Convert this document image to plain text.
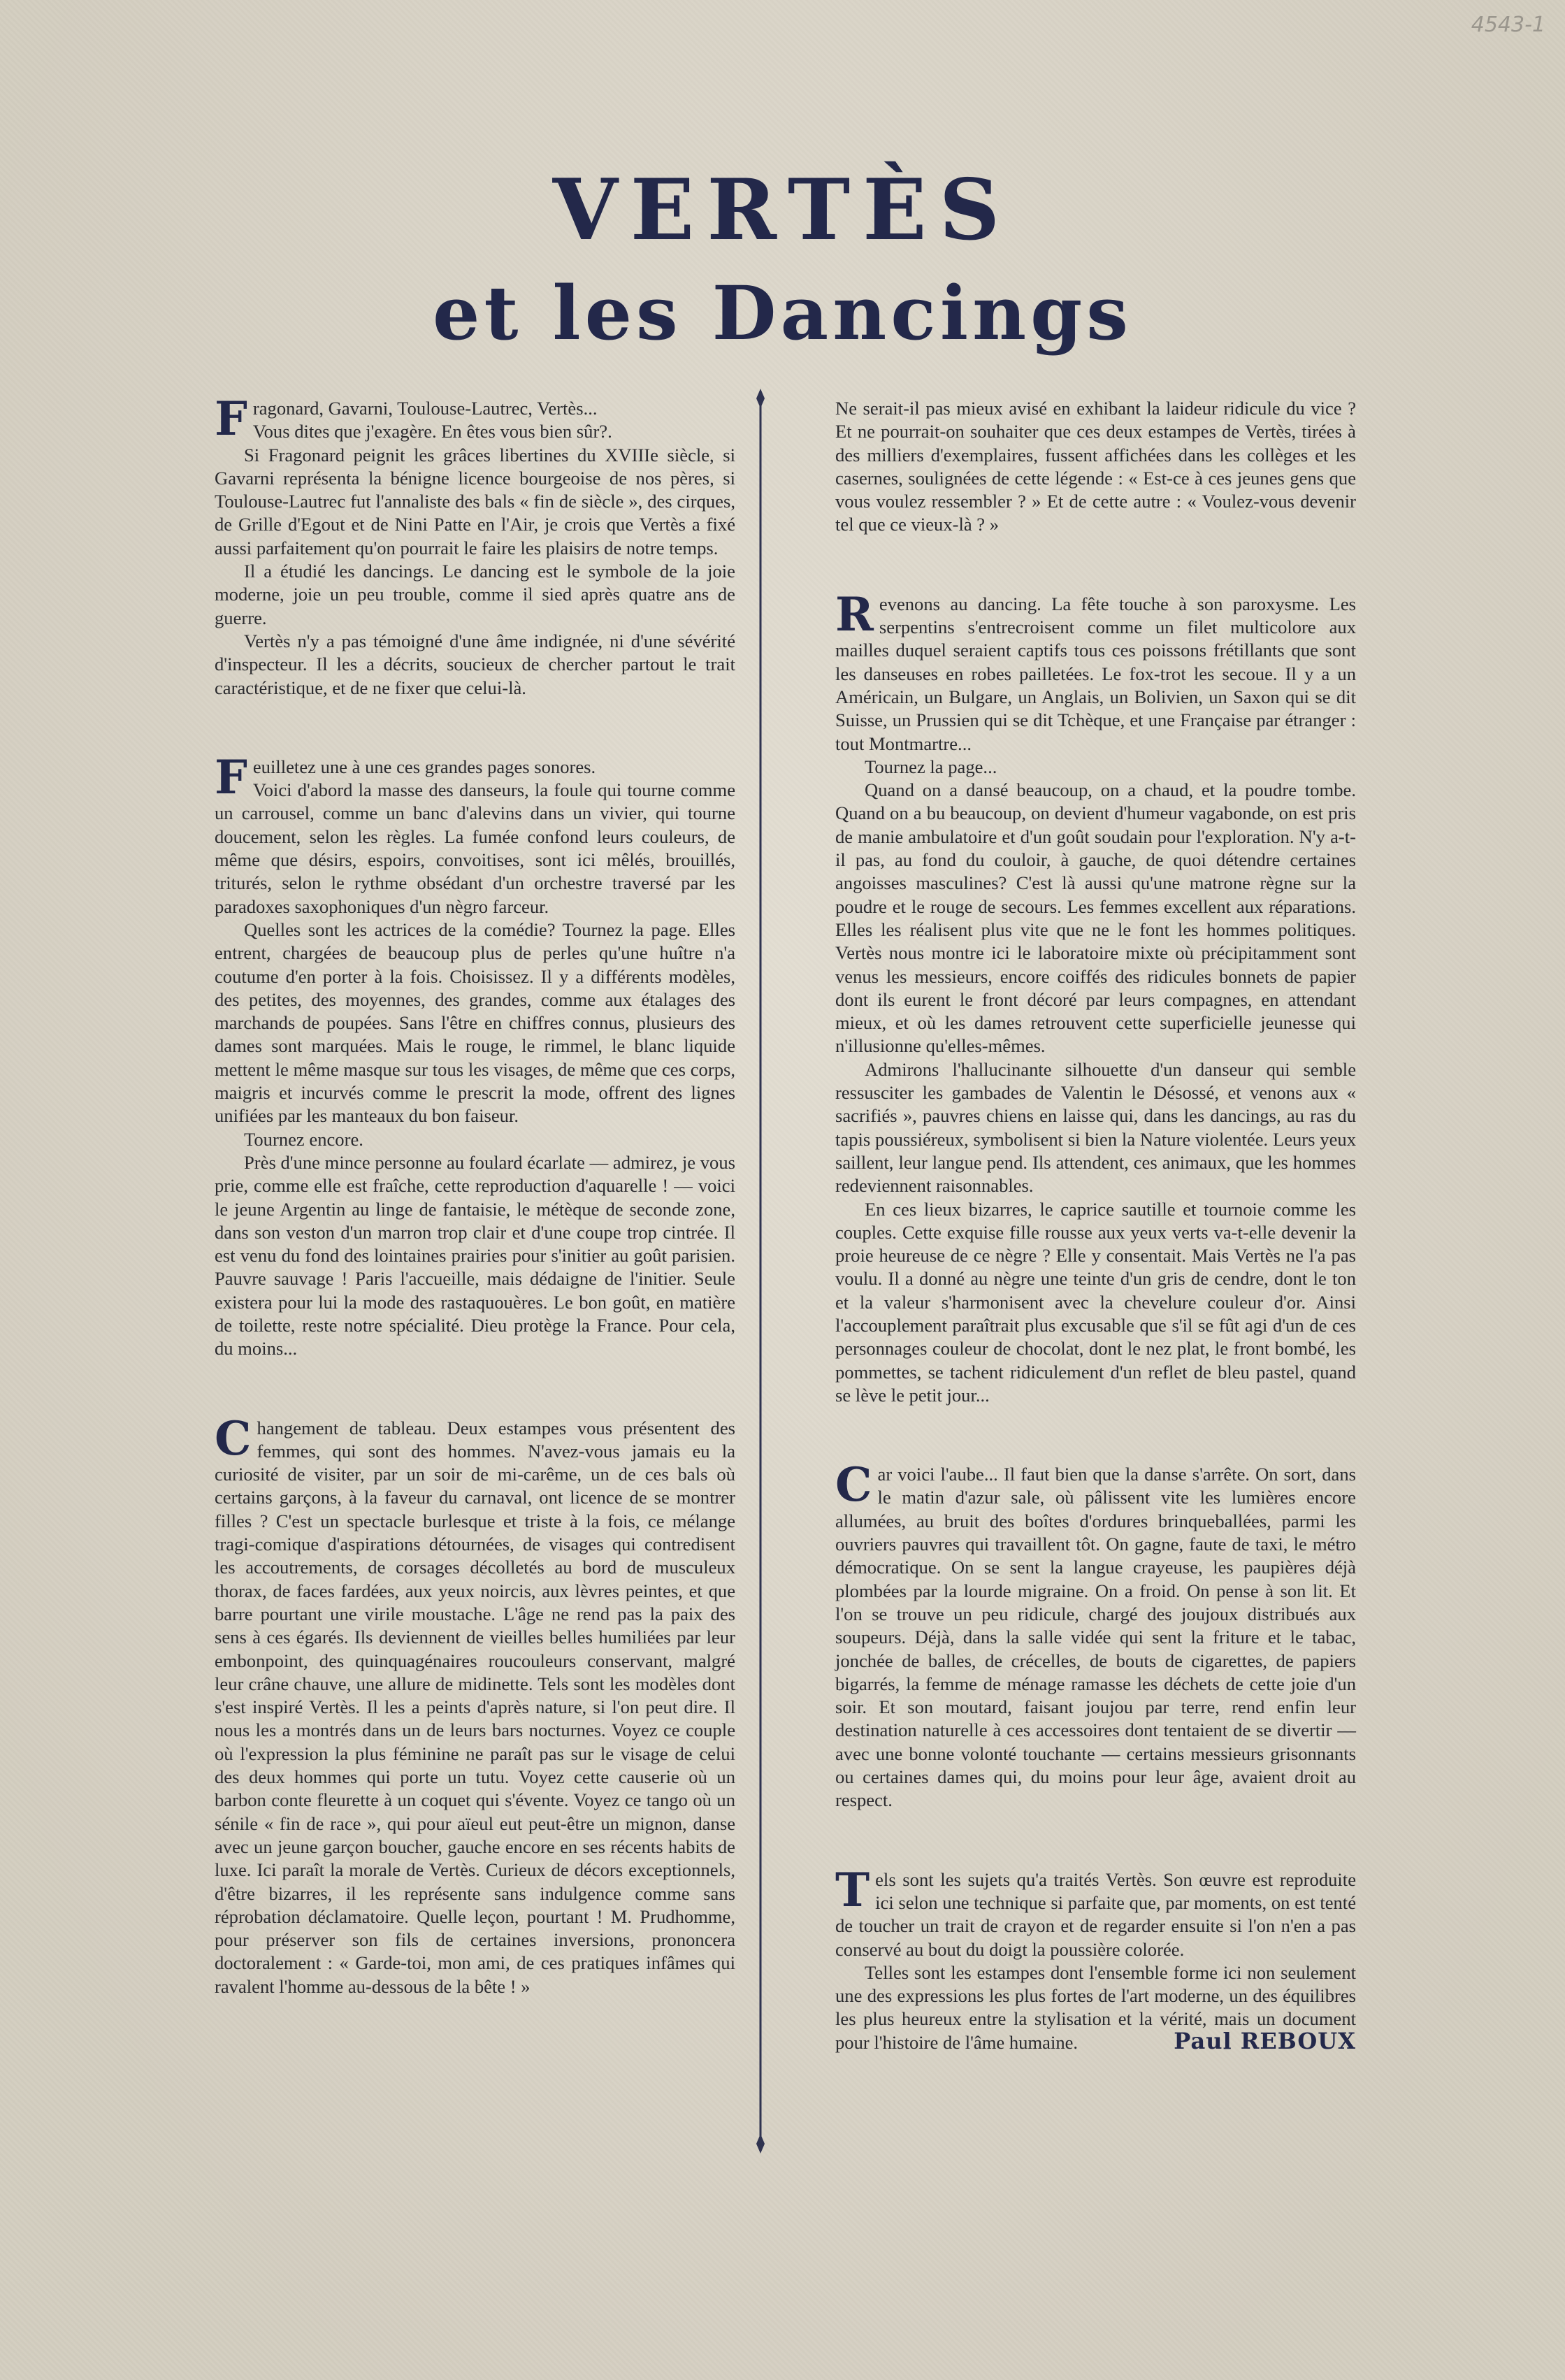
4543-1
VERTÈS
et les Dancings

Fragonard, Gavarni, Toulouse-Lautrec, Vertès...
Vous dites que j'exagère. En êtes vous bien sûr?.

Si Fragonard peignit les grâces libertines du XVIIIe siècle, si Gavarni représenta la bénigne licence bourgeoise de nos pères, si Toulouse-Lautrec fut l'annaliste des bals « fin de siècle », des cirques, de Grille d'Egout et de Nini Patte en l'Air, je crois que Vertès a fixé aussi parfaitement qu'on pourrait le faire les plaisirs de notre temps.

Il a étudié les dancings. Le dancing est le symbole de la joie moderne, joie un peu trouble, comme il sied après quatre ans de guerre.

Vertès n'y a pas témoigné d'une âme indignée, ni d'une sévérité d'inspecteur. Il les a décrits, soucieux de chercher partout le trait caractéristique, et de ne fixer que celui-là.

Feuilletez une à une ces grandes pages sonores.
Voici d'abord la masse des danseurs, la foule qui tourne comme un carrousel, comme un banc d'alevins dans un vivier, qui tourne doucement, selon les règles. La fumée confond leurs couleurs, de même que désirs, espoirs, convoitises, sont ici mêlés, brouillés, triturés, selon le rythme obsédant d'un orchestre traversé par les paradoxes saxophoniques d'un nègro farceur.

Quelles sont les actrices de la comédie? Tournez la page. Elles entrent, chargées de beaucoup plus de perles qu'une huître n'a coutume d'en porter à la fois. Choisissez. Il y a différents modèles, des petites, des moyennes, des grandes, comme aux étalages des marchands de poupées. Sans l'être en chiffres connus, plusieurs des dames sont marquées. Mais le rouge, le rimmel, le blanc liquide mettent le même masque sur tous les visages, de même que ces corps, maigris et incurvés comme le prescrit la mode, offrent des lignes unifiées par les manteaux du bon faiseur.

Tournez encore.

Près d'une mince personne au foulard écarlate — admirez, je vous prie, comme elle est fraîche, cette reproduction d'aquarelle ! — voici le jeune Argentin au linge de fantaisie, le métèque de seconde zone, dans son veston d'un marron trop clair et d'une coupe trop cintrée. Il est venu du fond des lointaines prairies pour s'initier au goût parisien. Pauvre sauvage ! Paris l'accueille, mais dédaigne de l'initier. Seule existera pour lui la mode des rastaquouères. Le bon goût, en matière de toilette, reste notre spécialité. Dieu protège la France. Pour cela, du moins...

Changement de tableau. Deux estampes vous présentent des femmes, qui sont des hommes. N'avez-vous jamais eu la curiosité de visiter, par un soir de mi-carême, un de ces bals où certains garçons, à la faveur du carnaval, ont licence de se montrer filles ? C'est un spectacle burlesque et triste à la fois, ce mélange tragi-comique d'aspirations détournées, de visages qui contredisent les accoutrements, de corsages décolletés au bord de musculeux thorax, de faces fardées, aux yeux noircis, aux lèvres peintes, et que barre pourtant une virile moustache. L'âge ne rend pas la paix des sens à ces égarés. Ils deviennent de vieilles belles humiliées par leur embonpoint, des quinquagénaires roucouleurs conservant, malgré leur crâne chauve, une allure de midinette. Tels sont les modèles dont s'est inspiré Vertès. Il les a peints d'après nature, si l'on peut dire. Il nous les a montrés dans un de leurs bars nocturnes. Voyez ce couple où l'expression la plus féminine ne paraît pas sur le visage de celui des deux hommes qui porte un tutu. Voyez cette causerie où un barbon conte fleurette à un coquet qui s'évente. Voyez ce tango où un sénile « fin de race », qui pour aïeul eut peut-être un mignon, danse avec un jeune garçon boucher, gauche encore en ses récents habits de luxe. Ici paraît la morale de Vertès. Curieux de décors exceptionnels, d'être bizarres, il les représente sans indulgence comme sans réprobation déclamatoire. Quelle leçon, pourtant ! M. Prudhomme, pour préserver son fils de certaines inversions, prononcera doctoralement : « Garde-toi, mon ami, de ces pratiques infâmes qui ravalent l'homme au-dessous de la bête ! »

Ne serait-il pas mieux avisé en exhibant la laideur ridicule du vice ? Et ne pourrait-on souhaiter que ces deux estampes de Vertès, tirées à des milliers d'exemplaires, fussent affichées dans les collèges et les casernes, soulignées de cette légende : « Est-ce à ces jeunes gens que vous voulez ressembler ? » Et de cette autre : « Voulez-vous devenir tel que ce vieux-là ? »

Revenons au dancing. La fête touche à son paroxysme. Les serpentins s'entrecroisent comme un filet multicolore aux mailles duquel seraient captifs tous ces poissons frétillants que sont les danseuses en robes pailletées. Le fox-trot les secoue. Il y a un Américain, un Bulgare, un Anglais, un Bolivien, un Saxon qui se dit Suisse, un Prussien qui se dit Tchèque, et une Française par étranger : tout Montmartre...

Tournez la page...

Quand on a dansé beaucoup, on a chaud, et la poudre tombe. Quand on a bu beaucoup, on devient d'humeur vagabonde, on est pris de manie ambulatoire et d'un goût soudain pour l'exploration. N'y a-t-il pas, au fond du couloir, à gauche, de quoi détendre certaines angoisses masculines? C'est là aussi qu'une matrone règne sur la poudre et le rouge de secours. Les femmes excellent aux réparations. Elles les réalisent plus vite que ne le font les hommes politiques. Vertès nous montre ici le laboratoire mixte où précipitamment sont venus les messieurs, encore coiffés des ridicules bonnets de papier dont ils eurent le front décoré par leurs compagnes, en attendant mieux, et où les dames retrouvent cette superficielle jeunesse qui n'illusionne qu'elles-mêmes.

Admirons l'hallucinante silhouette d'un danseur qui semble ressusciter les gambades de Valentin le Désossé, et venons aux « sacrifiés », pauvres chiens en laisse qui, dans les dancings, au ras du tapis poussiéreux, symbolisent si bien la Nature violentée. Leurs yeux saillent, leur langue pend. Ils attendent, ces animaux, que les hommes redeviennent raisonnables.

En ces lieux bizarres, le caprice sautille et tournoie comme les couples. Cette exquise fille rousse aux yeux verts va-t-elle devenir la proie heureuse de ce nègre ? Elle y consentait. Mais Vertès ne l'a pas voulu. Il a donné au nègre une teinte d'un gris de cendre, dont le ton et la valeur s'harmonisent avec la chevelure couleur d'or. Ainsi l'accouplement paraîtrait plus excusable que s'il se fût agi d'un de ces personnages couleur de chocolat, dont le nez plat, le front bombé, les pommettes, se tachent ridiculement d'un reflet de bleu pastel, quand se lève le petit jour...

Car voici l'aube... Il faut bien que la danse s'arrête. On sort, dans le matin d'azur sale, où pâlissent vite les lumières encore allumées, au bruit des boîtes d'ordures brinqueballées, parmi les ouvriers pauvres qui travaillent tôt. On gagne, faute de taxi, le métro démocratique. On se sent la langue crayeuse, les paupières déjà plombées par la lourde migraine. On a froid. On pense à son lit. Et l'on se trouve un peu ridicule, chargé des joujoux distribués aux soupeurs. Déjà, dans la salle vidée qui sent la friture et le tabac, jonchée de balles, de crécelles, de bouts de cigarettes, de papiers bigarrés, la femme de ménage ramasse les déchets de cette joie d'un soir. Et son moutard, faisant joujou par terre, rend enfin leur destination naturelle à ces accessoires dont tentaient de se divertir — avec une bonne volonté touchante — certains messieurs grisonnants ou certaines dames qui, du moins pour leur âge, avaient droit au respect.

Tels sont les sujets qu'a traités Vertès. Son œuvre est reproduite ici selon une technique si parfaite que, par moments, on est tenté de toucher un trait de crayon et de regarder ensuite si l'on n'en a pas conservé au bout du doigt la poussière colorée.

Telles sont les estampes dont l'ensemble forme ici non seulement une des expressions les plus fortes de l'art moderne, un des équilibres les plus heureux entre la stylisation et la vérité, mais un document pour l'histoire de l'âme humaine.	Paul REBOUX
